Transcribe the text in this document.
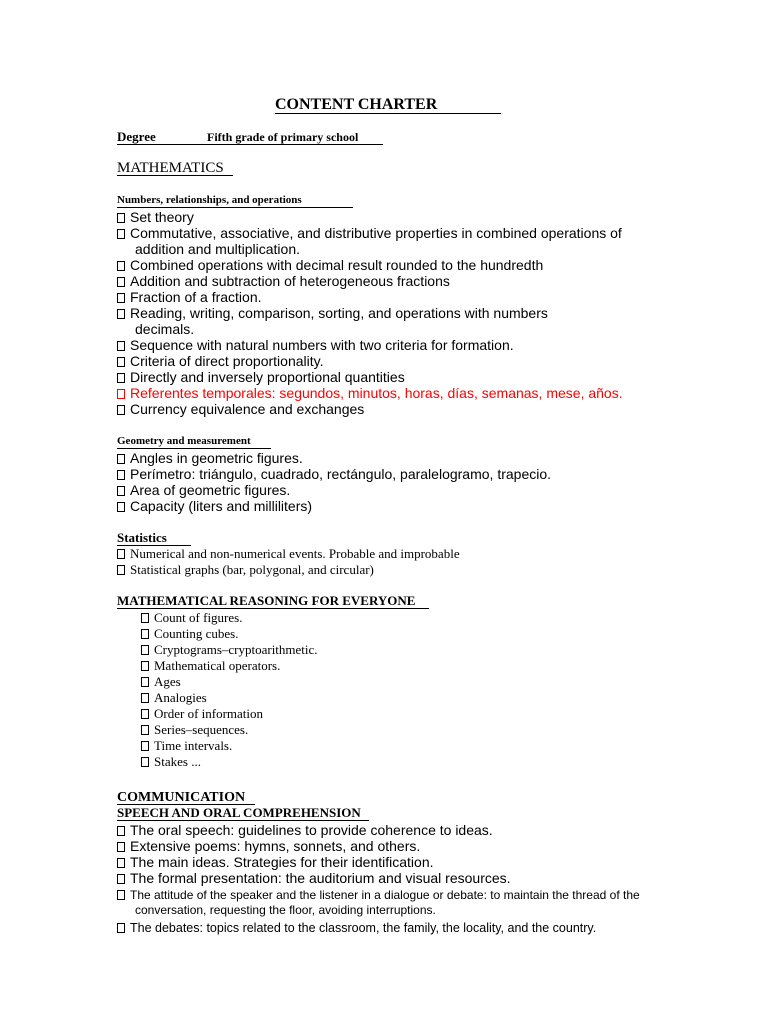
CONTENT CHARTER
Degree	Fifth grade of primary school
MATHEMATICS
Numbers, relationships, and operations
Set theory
Commutative, associative, and distributive properties in combined operations of
addition and multiplication.
Combined operations with decimal result rounded to the hundredth
Addition and subtraction of heterogeneous fractions
Fraction of a fraction.
Reading, writing, comparison, sorting, and operations with numbers
decimals.
Sequence with natural numbers with two criteria for formation.
Criteria of direct proportionality.
Directly and inversely proportional quantities
Referentes temporales: segundos, minutos, horas, días, semanas, mese, años.
Currency equivalence and exchanges
Geometry and measurement
Angles in geometric figures.
Perímetro: triángulo, cuadrado, rectángulo, paralelogramo, trapecio.
Area of geometric figures.
Capacity (liters and milliliters)
Statistics
Numerical and non-numerical events. Probable and improbable
Statistical graphs (bar, polygonal, and circular)
MATHEMATICAL REASONING FOR EVERYONE
Count of figures.
Counting cubes.
Cryptograms–cryptoarithmetic.
Mathematical operators.
Ages
Analogies
Order of information
Series–sequences.
Time intervals.
Stakes ...
COMMUNICATION
SPEECH AND ORAL COMPREHENSION
The oral speech: guidelines to provide coherence to ideas.
Extensive poems: hymns, sonnets, and others.
The main ideas. Strategies for their identification.
The formal presentation: the auditorium and visual resources.
The attitude of the speaker and the listener in a dialogue or debate: to maintain the thread of the
conversation, requesting the floor, avoiding interruptions.
The debates: topics related to the classroom, the family, the locality, and the country.
